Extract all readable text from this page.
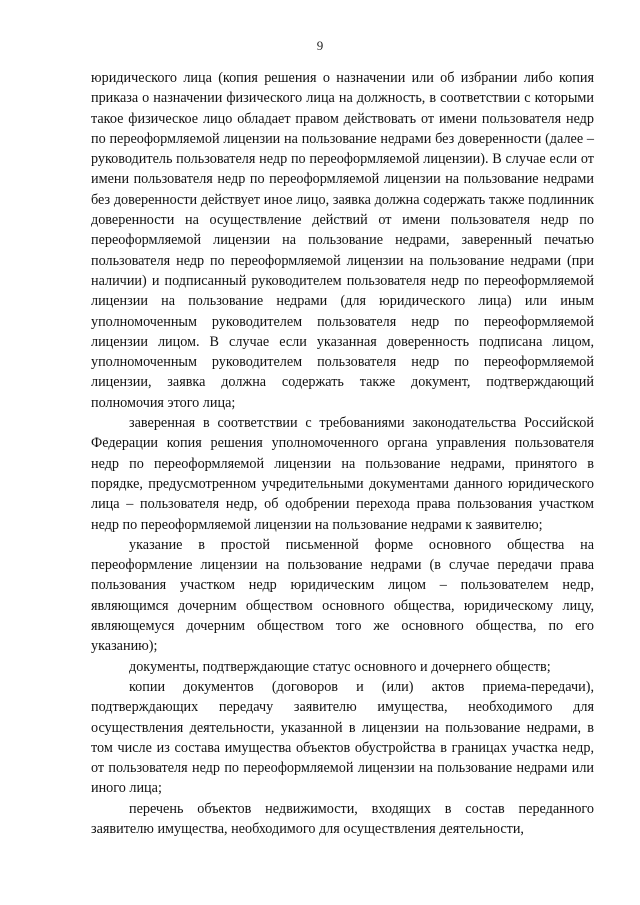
9

юридического лица (копия решения о назначении или об избрании либо копия приказа о назначении физического лица на должность, в соответствии с которыми такое физическое лицо обладает правом действовать от имени пользователя недр по переоформляемой лицензии на пользование недрами без доверенности (далее – руководитель пользователя недр по переоформляемой лицензии). В случае если от имени пользователя недр по переоформляемой лицензии на пользование недрами без доверенности действует иное лицо, заявка должна содержать также подлинник доверенности на осуществление действий от имени пользователя недр по переоформляемой лицензии на пользование недрами, заверенный печатью пользователя недр по переоформляемой лицензии на пользование недрами (при наличии) и подписанный руководителем пользователя недр по переоформляемой лицензии на пользование недрами (для юридического лица) или иным уполномоченным руководителем пользователя недр по переоформляемой лицензии лицом. В случае если указанная доверенность подписана лицом, уполномоченным руководителем пользователя недр по переоформляемой лицензии, заявка должна содержать также документ, подтверждающий полномочия этого лица;

заверенная в соответствии с требованиями законодательства Российской Федерации копия решения уполномоченного органа управления пользователя недр по переоформляемой лицензии на пользование недрами, принятого в порядке, предусмотренном учредительными документами данного юридического лица – пользователя недр, об одобрении перехода права пользования участком недр по переоформляемой лицензии на пользование недрами к заявителю;

указание в простой письменной форме основного общества на переоформление лицензии на пользование недрами (в случае передачи права пользования участком недр юридическим лицом – пользователем недр, являющимся дочерним обществом основного общества, юридическому лицу, являющемуся дочерним обществом того же основного общества, по его указанию);

документы, подтверждающие статус основного и дочернего обществ;

копии документов (договоров и (или) актов приема-передачи), подтверждающих передачу заявителю имущества, необходимого для осуществления деятельности, указанной в лицензии на пользование недрами, в том числе из состава имущества объектов обустройства в границах участка недр, от пользователя недр по переоформляемой лицензии на пользование недрами или иного лица;

перечень объектов недвижимости, входящих в состав переданного заявителю имущества, необходимого для осуществления деятельности,
